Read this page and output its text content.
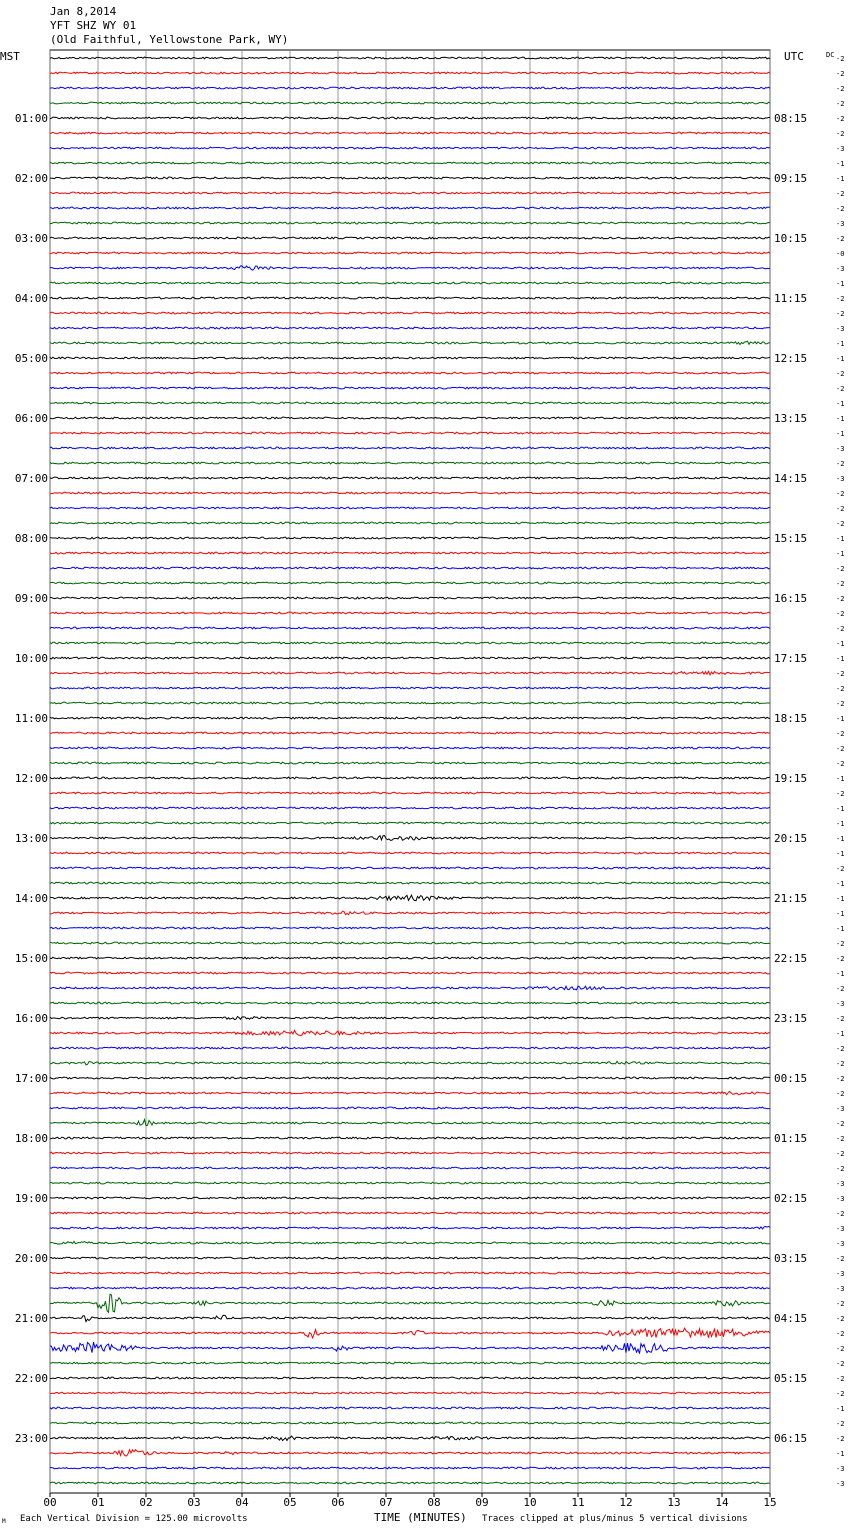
Jan 8,2014
YFT SHZ WY 01
(Old Faithful, Yellowstone Park, WY)
00	01	02	03	04	05	06	07	08	09	10	11	12	13	14	15
MST	UTC	DC -2
-2
-2
-2
-2
-2
-3
-1
-1
-2
-2
-3
-2
-0
-3
-1
-2
-2
-3
-1
-1
-2
-2
-1
-1
-1
-3
-2
-3
-2
-2
-2
-1
-1
-2
-2
-2
-2
-2
-1
-1
-2
-2
-2
-1
-2
-2
-2
-1
-2
-1
-1
-1
-1
-2
-1
-1
-1
-1
-2
-2
-1
-2
-3
-2
-1
-2
-2
-2
-2
-3
-2
-2
-2
-2
-3
-3
-2
-3
-3
-2
-3
-3
-2
-2
-2
-2
-2
-2
-2
-1
-2
-2
-1
-3
-3
01:00	08:15
02:00	09:15
03:00	10:15
04:00	11:15
05:00	12:15
06:00	13:15
07:00	14:15
08:00	15:15
09:00	16:15
10:00	17:15
11:00	18:15
12:00	19:15
13:00	20:15
14:00	21:15
15:00	22:15
16:00	23:15
17:00	00:15
18:00	01:15
19:00	02:15
20:00	03:15
21:00	04:15
22:00	05:15
23:00	06:15
TIME (MINUTES)
M Each Vertical Division = 125.00 microvolts	Traces clipped at plus/minus 5 vertical divisions
